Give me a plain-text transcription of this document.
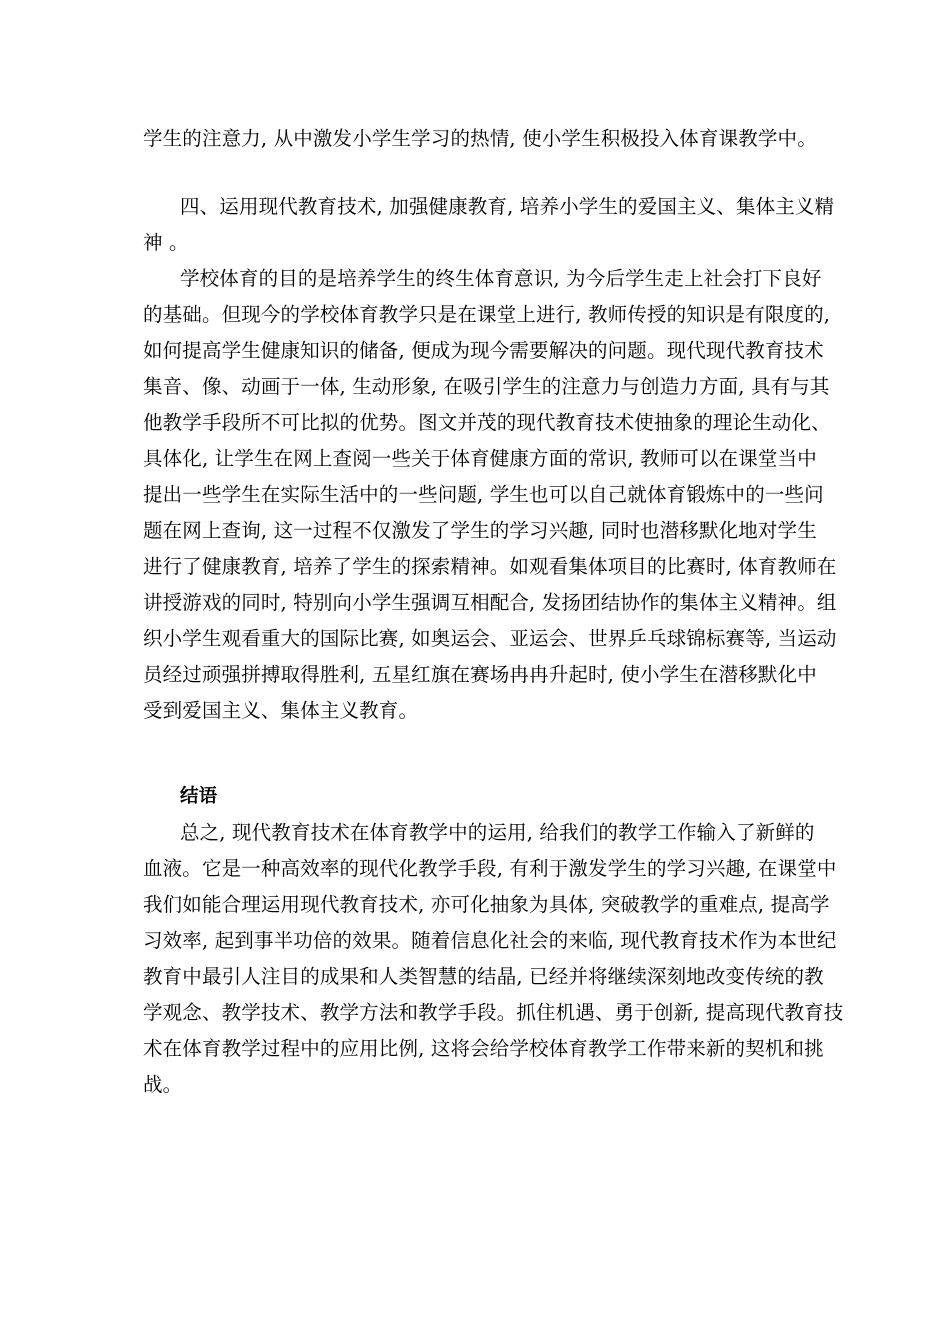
学生的注意力, 从中激发小学生学习的热情, 使小学生积极投入体育课教学中。
四、运用现代教育技术, 加强健康教育, 培养小学生的爱国主义、集体主义精
神 。
学校体育的目的是培养学生的终生体育意识, 为今后学生走上社会打下良好
的基础。但现今的学校体育教学只是在课堂上进行, 教师传授的知识是有限度的,
如何提高学生健康知识的储备, 便成为现今需要解决的问题。现代现代教育技术
集音、像、动画于一体, 生动形象, 在吸引学生的注意力与创造力方面, 具有与其
他教学手段所不可比拟的优势。图文并茂的现代教育技术使抽象的理论生动化、
具体化, 让学生在网上查阅一些关于体育健康方面的常识, 教师可以在课堂当中
提出一些学生在实际生活中的一些问题, 学生也可以自己就体育锻炼中的一些问
题在网上查询, 这一过程不仅激发了学生的学习兴趣, 同时也潜移默化地对学生
进行了健康教育, 培养了学生的探索精神。如观看集体项目的比赛时, 体育教师在
讲授游戏的同时, 特别向小学生强调互相配合, 发扬团结协作的集体主义精神。组
织小学生观看重大的国际比赛, 如奥运会、亚运会、世界乒乓球锦标赛等, 当运动
员经过顽强拼搏取得胜利, 五星红旗在赛场冉冉升起时, 使小学生在潜移默化中
受到爱国主义、集体主义教育。
结语
总之, 现代教育技术在体育教学中的运用, 给我们的教学工作输入了新鲜的
血液。它是一种高效率的现代化教学手段, 有利于激发学生的学习兴趣, 在课堂中
我们如能合理运用现代教育技术, 亦可化抽象为具体, 突破教学的重难点, 提高学
习效率, 起到事半功倍的效果。随着信息化社会的来临, 现代教育技术作为本世纪
教育中最引人注目的成果和人类智慧的结晶, 已经并将继续深刻地改变传统的教
学观念、教学技术、教学方法和教学手段。抓住机遇、勇于创新, 提高现代教育技
术在体育教学过程中的应用比例, 这将会给学校体育教学工作带来新的契机和挑
战。
